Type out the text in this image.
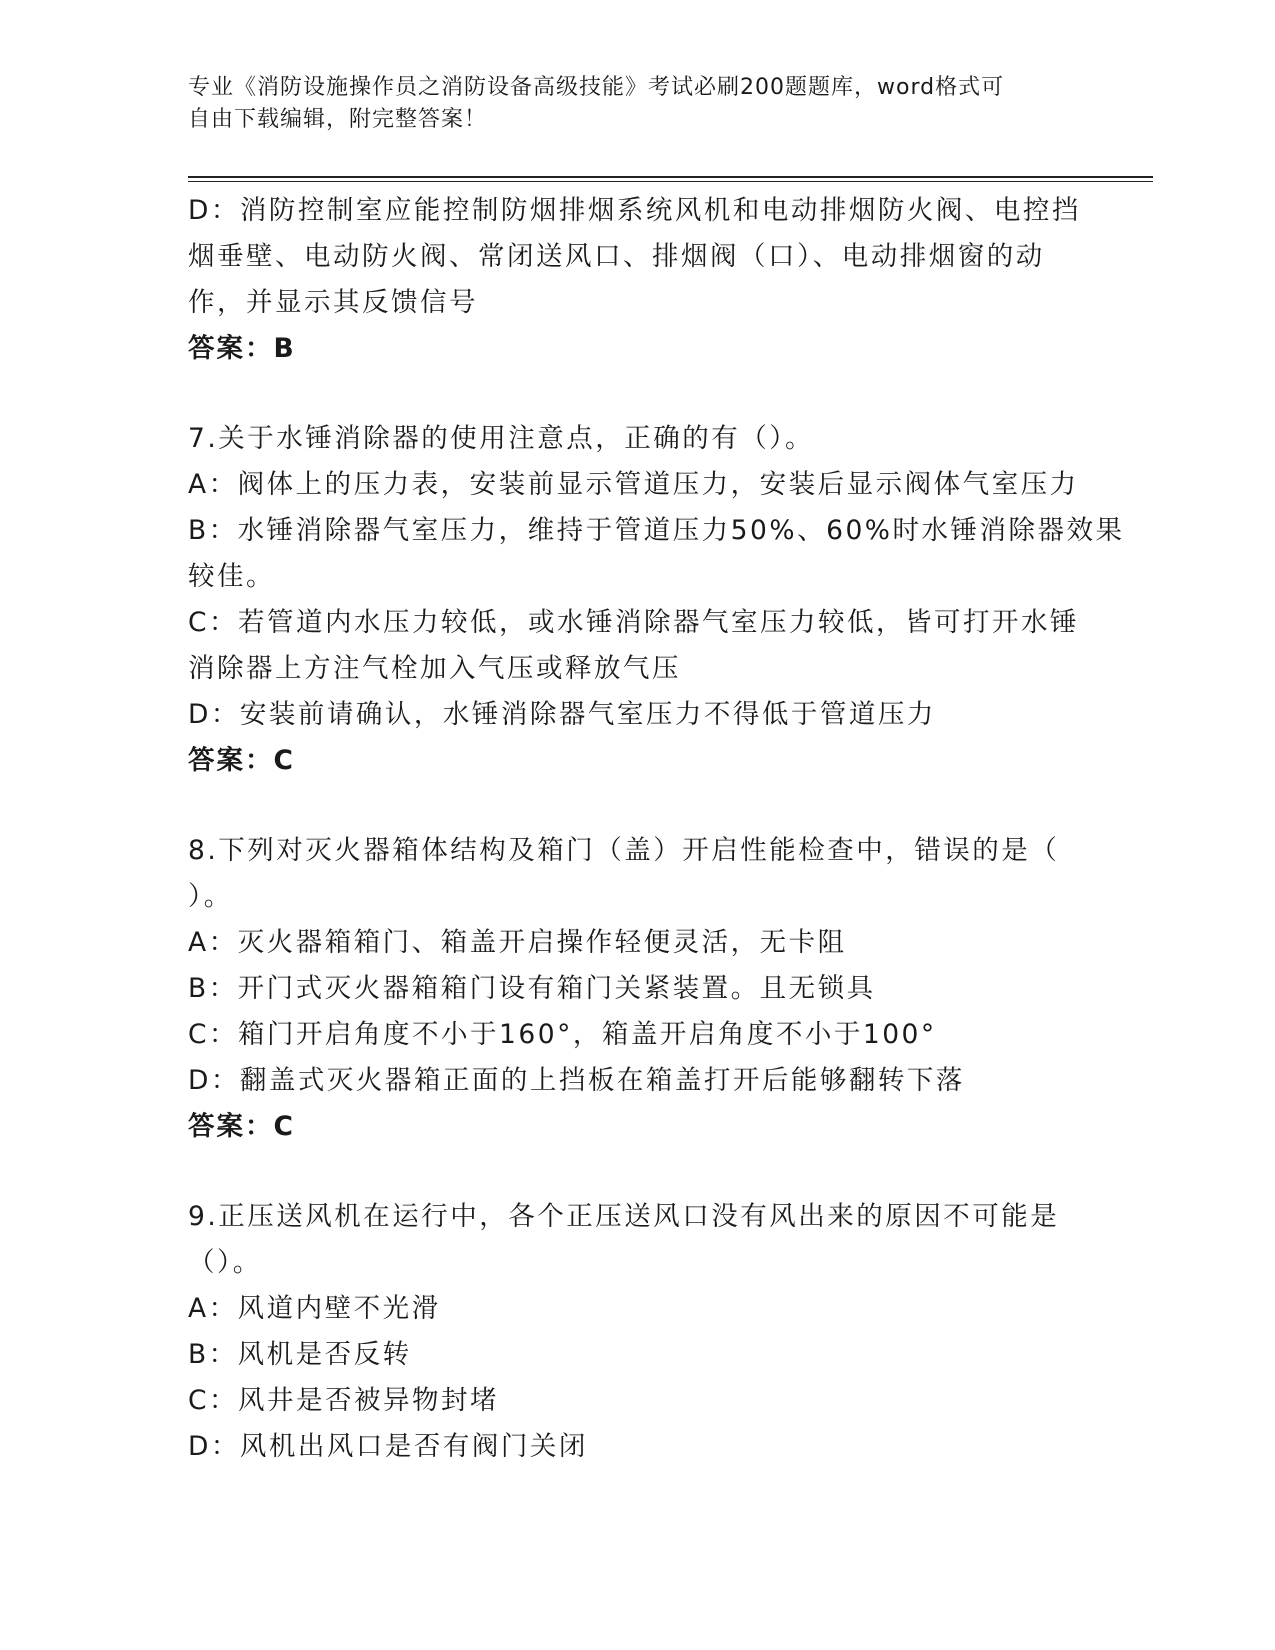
专业《消防设施操作员之消防设备高级技能》考试必刷200题题库，word格式可
自由下载编辑，附完整答案！
D：消防控制室应能控制防烟排烟系统风机和电动排烟防火阀、电控挡
烟垂壁、电动防火阀、常闭送风口、排烟阀（口）、电动排烟窗的动
作，并显示其反馈信号
答案：B
7.关于水锤消除器的使用注意点，正确的有（）。
A：阀体上的压力表，安装前显示管道压力，安装后显示阀体气室压力
B：水锤消除器气室压力，维持于管道压力50%、60%时水锤消除器效果
较佳。
C：若管道内水压力较低，或水锤消除器气室压力较低，皆可打开水锤
消除器上方注气栓加入气压或释放气压
D：安装前请确认，水锤消除器气室压力不得低于管道压力
答案：C
8.下列对灭火器箱体结构及箱门（盖）开启性能检查中，错误的是（
）。
A：灭火器箱箱门、箱盖开启操作轻便灵活，无卡阻
B：开门式灭火器箱箱门设有箱门关紧装置。且无锁具
C：箱门开启角度不小于160°，箱盖开启角度不小于100°
D：翻盖式灭火器箱正面的上挡板在箱盖打开后能够翻转下落
答案：C
9.正压送风机在运行中，各个正压送风口没有风出来的原因不可能是
（）。
A：风道内壁不光滑
B：风机是否反转
C：风井是否被异物封堵
D：风机出风口是否有阀门关闭
